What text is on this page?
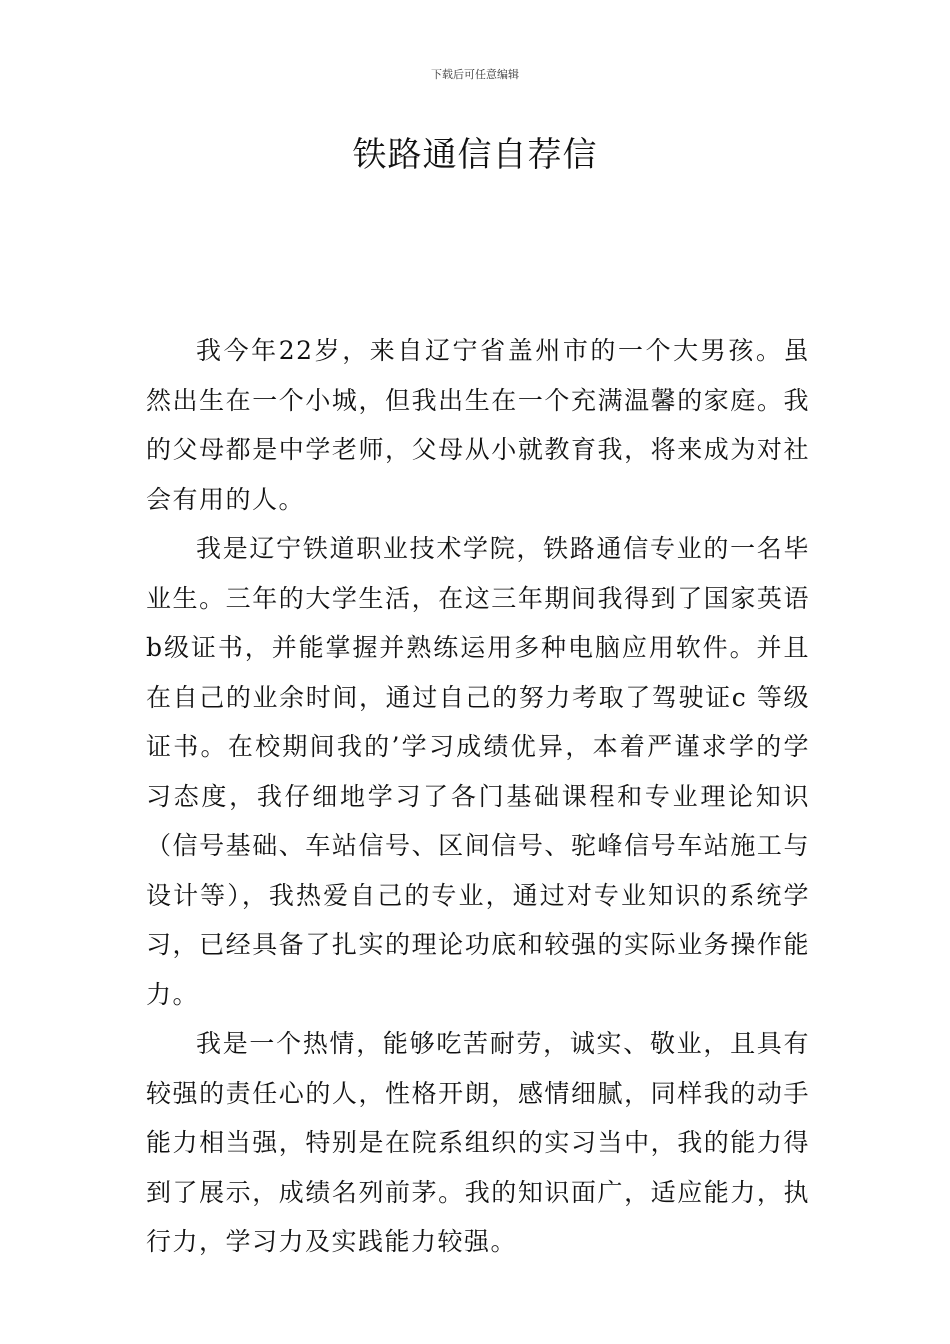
下载后可任意编辑
铁路通信自荐信

我今年22岁，来自辽宁省盖州市的一个大男孩。虽然出生在一个小城，但我出生在一个充满温馨的家庭。我的父母都是中学老师，父母从小就教育我，将来成为对社会有用的人。

我是辽宁铁道职业技术学院，铁路通信专业的一名毕业生。三年的大学生活，在这三年期间我得到了国家英语b级证书，并能掌握并熟练运用多种电脑应用软件。并且在自己的业余时间，通过自己的努力考取了驾驶证c 等级证书。在校期间我的’学习成绩优异，本着严谨求学的学习态度，我仔细地学习了各门基础课程和专业理论知识（信号基础、车站信号、区间信号、驼峰信号车站施工与设计等），我热爱自己的专业，通过对专业知识的系统学习，已经具备了扎实的理论功底和较强的实际业务操作能力。

我是一个热情，能够吃苦耐劳，诚实、敬业，且具有较强的责任心的人，性格开朗，感情细腻，同样我的动手能力相当强，特别是在院系组织的实习当中，我的能力得到了展示，成绩名列前茅。我的知识面广，适应能力，执行力，学习力及实践能力较强。
